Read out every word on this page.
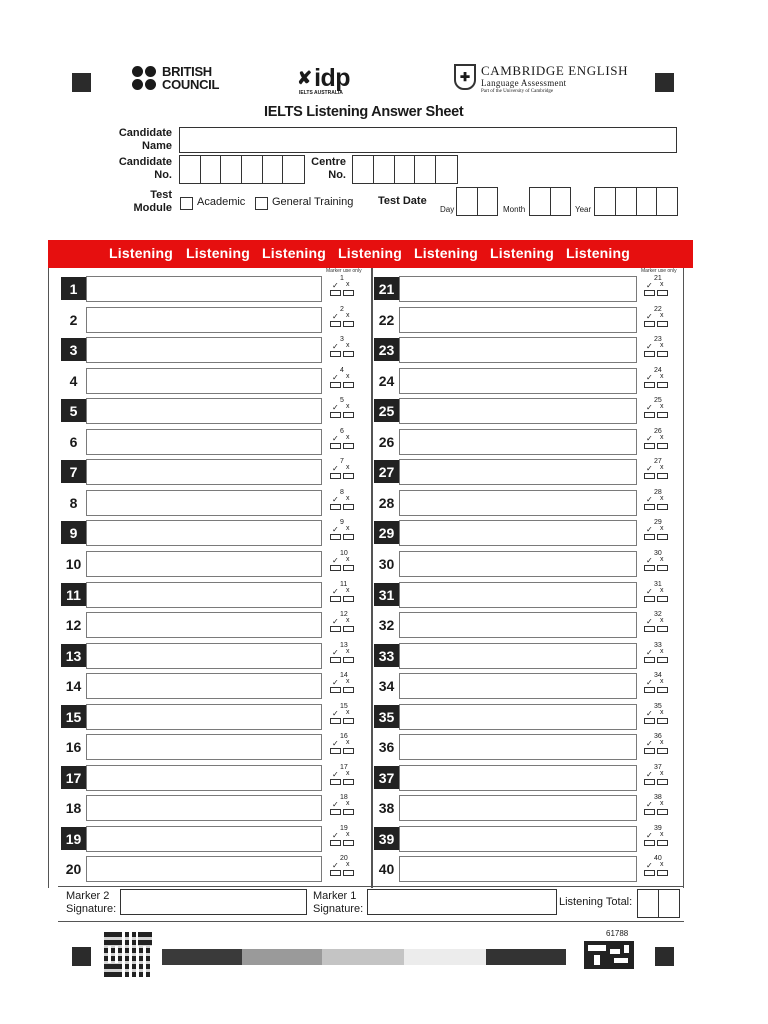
BRITISH
COUNCIL	✘ idp
IELTS AUSTRALIA
✚ CAMBRIDGE ENGLISH
Language Assessment
Part of the University of Cambridge
IELTS Listening Answer Sheet
Candidate
Name
Candidate
No.
Centre
No.
Test
Module Academic General Training Test Date
Day	Month	Year
Listening Listening Listening Listening Listening Listening Listening
Marker use only	Marker use only
1
1
✓ x
2
2
✓ x
3
3
✓ x
4
4
✓ x
5
5
✓ x
6
6
✓ x
7
7
✓ x
8
8
✓ x
9
9
✓ x
10
10
✓ x
11
11
✓ x
12
12
✓ x
13
13
✓ x
14
14
✓ x
15
15
✓ x
16
16
✓ x
17
17
✓ x
18
18
✓ x
19
19
✓ x
20
20
✓ x
21
21
✓ x
22
22
✓ x
23
23
✓ x
24
24
✓ x
25
25
✓ x
26
26
✓ x
27
27
✓ x
28
28
✓ x
29
29
✓ x
30
30
✓ x
31
31
✓ x
32
32
✓ x
33
33
✓ x
34
34
✓ x
35
35
✓ x
36
36
✓ x
37
37
✓ x
38
38
✓ x
39
39
✓ x
40
40
✓ x
Marker 2
Signature:
Marker 1
Signature:
Listening Total:
61788
